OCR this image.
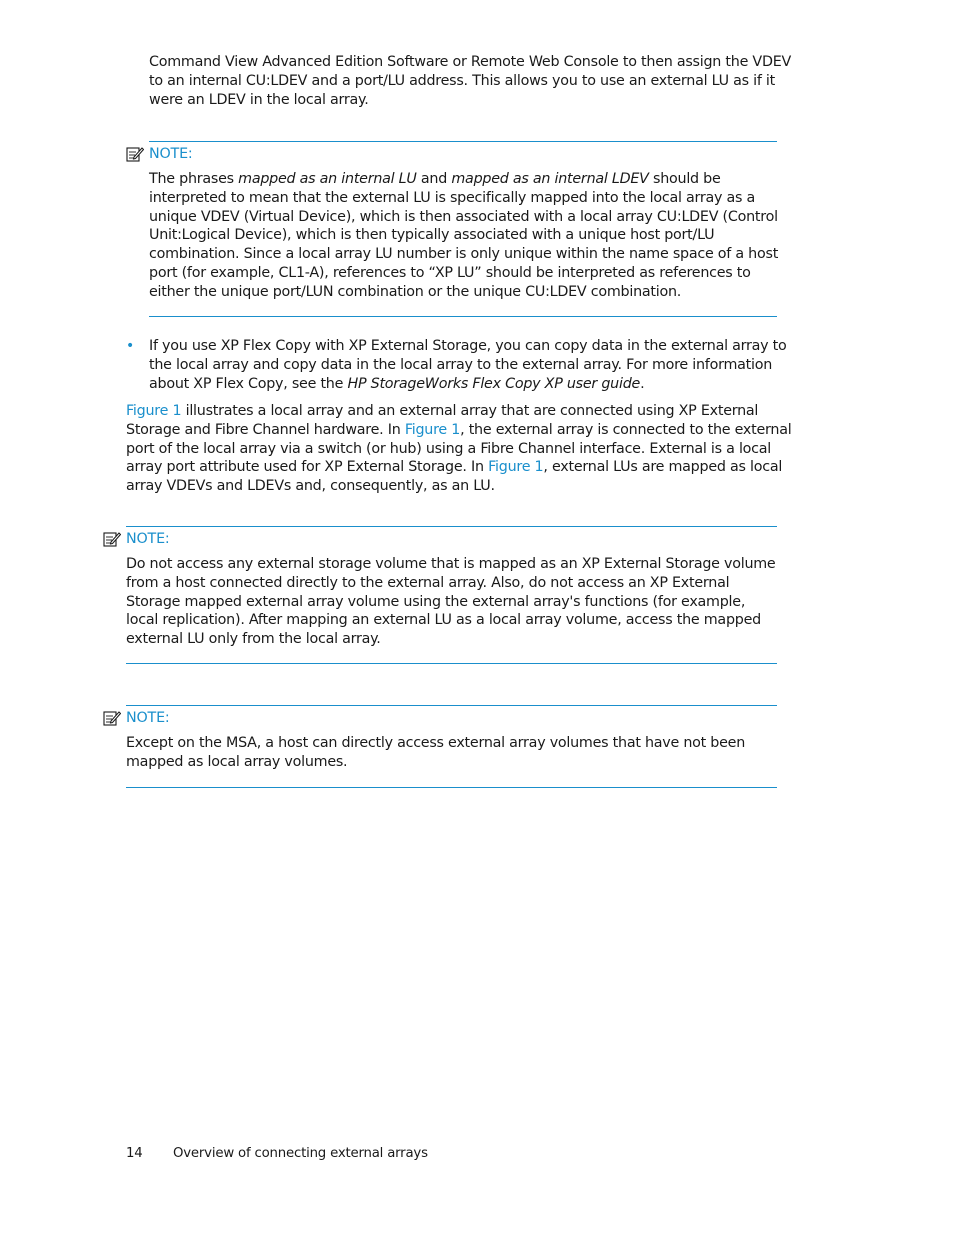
Command View Advanced Edition Software or Remote Web Console to then assign the VDEV to an internal CU:LDEV and a port/LU address. This allows you to use an external LU as if it were an LDEV in the local array.

NOTE:

The phrases mapped as an internal LU and mapped as an internal LDEV should be interpreted to mean that the external LU is specifically mapped into the local array as a unique VDEV (Virtual Device), which is then associated with a local array CU:LDEV (Control Unit:Logical Device), which is then typically associated with a unique host port/LU combination. Since a local array LU number is only unique within the name space of a host port (for example, CL1-A), references to “XP LU” should be interpreted as references to either the unique port/LUN combination or the unique CU:LDEV combination.

• If you use XP Flex Copy with XP External Storage, you can copy data in the external array to the local array and copy data in the local array to the external array. For more information about XP Flex Copy, see the HP StorageWorks Flex Copy XP user guide.

Figure 1 illustrates a local array and an external array that are connected using XP External Storage and Fibre Channel hardware. In Figure 1, the external array is connected to the external port of the local array via a switch (or hub) using a Fibre Channel interface. External is a local array port attribute used for XP External Storage. In Figure 1, external LUs are mapped as local array VDEVs and LDEVs and, consequently, as an LU.

NOTE:

Do not access any external storage volume that is mapped as an XP External Storage volume from a host connected directly to the external array. Also, do not access an XP External Storage mapped external array volume using the external array's functions (for example, local replication). After mapping an external LU as a local array volume, access the mapped external LU only from the local array.

NOTE:

Except on the MSA, a host can directly access external array volumes that have not been mapped as local array volumes.

14 Overview of connecting external arrays
